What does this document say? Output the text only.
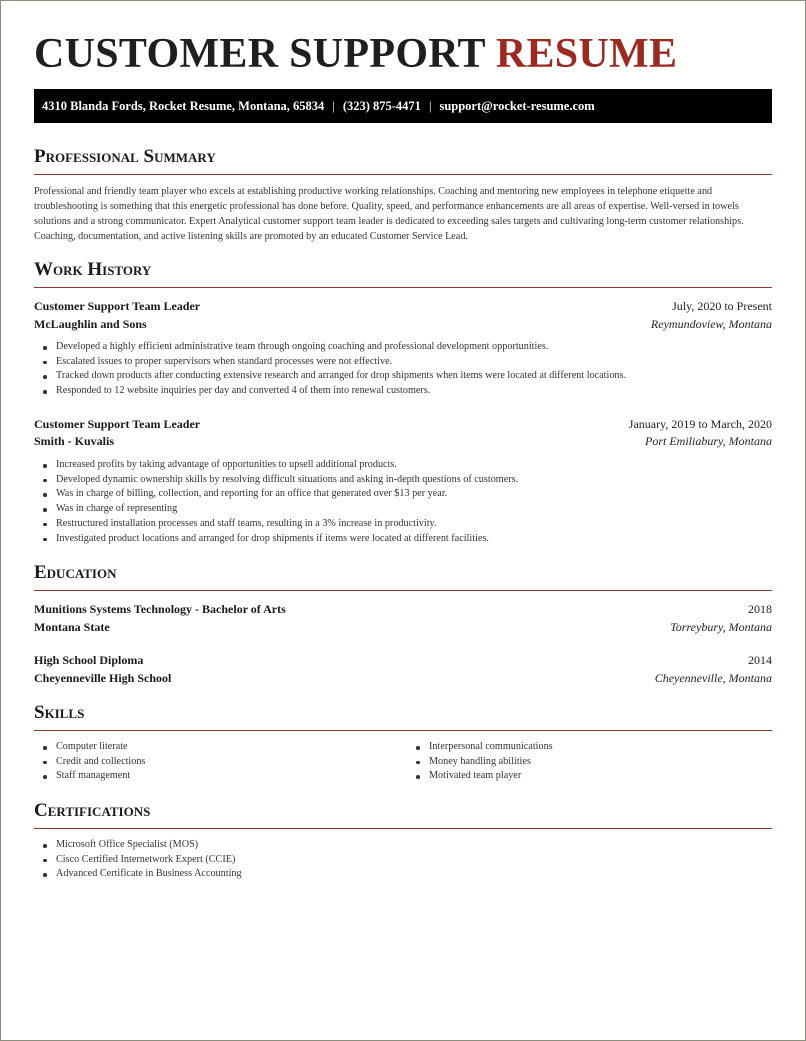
CUSTOMER SUPPORT RESUME
4310 Blanda Fords, Rocket Resume, Montana, 65834 | (323) 875-4471 | support@rocket-resume.com
Professional Summary
Professional and friendly team player who excels at establishing productive working relationships. Coaching and mentoring new employees in telephone etiquette and troubleshooting is something that this energetic professional has done before. Quality, speed, and performance enhancements are all areas of expertise. Well-versed in towels solutions and a strong communicator. Expert Analytical customer support team leader is dedicated to exceeding sales targets and cultivating long-term customer relationships. Coaching, documentation, and active listening skills are promoted by an educated Customer Service Lead.
Work History
Customer Support Team Leader	July, 2020 to Present
McLaughlin and Sons	Reymundoview, Montana
Developed a highly efficient administrative team through ongoing coaching and professional development opportunities.
Escalated issues to proper supervisors when standard processes were not effective.
Tracked down products after conducting extensive research and arranged for drop shipments when items were located at different locations.
Responded to 12 website inquiries per day and converted 4 of them into renewal customers.
Customer Support Team Leader	January, 2019 to March, 2020
Smith - Kuvalis	Port Emiliabury, Montana
Increased profits by taking advantage of opportunities to upsell additional products.
Developed dynamic ownership skills by resolving difficult situations and asking in-depth questions of customers.
Was in charge of billing, collection, and reporting for an office that generated over $13 per year.
Was in charge of representing
Restructured installation processes and staff teams, resulting in a 3% increase in productivity.
Investigated product locations and arranged for drop shipments if items were located at different facilities.
Education
Munitions Systems Technology - Bachelor of Arts	2018
Montana State	Torreybury, Montana
High School Diploma	2014
Cheyenneville High School	Cheyenneville, Montana
Skills
Computer literate
Credit and collections
Staff management
Interpersonal communications
Money handling abilities
Motivated team player
Certifications
Microsoft Office Specialist (MOS)
Cisco Certified Internetwork Expert (CCIE)
Advanced Certificate in Business Accounting
